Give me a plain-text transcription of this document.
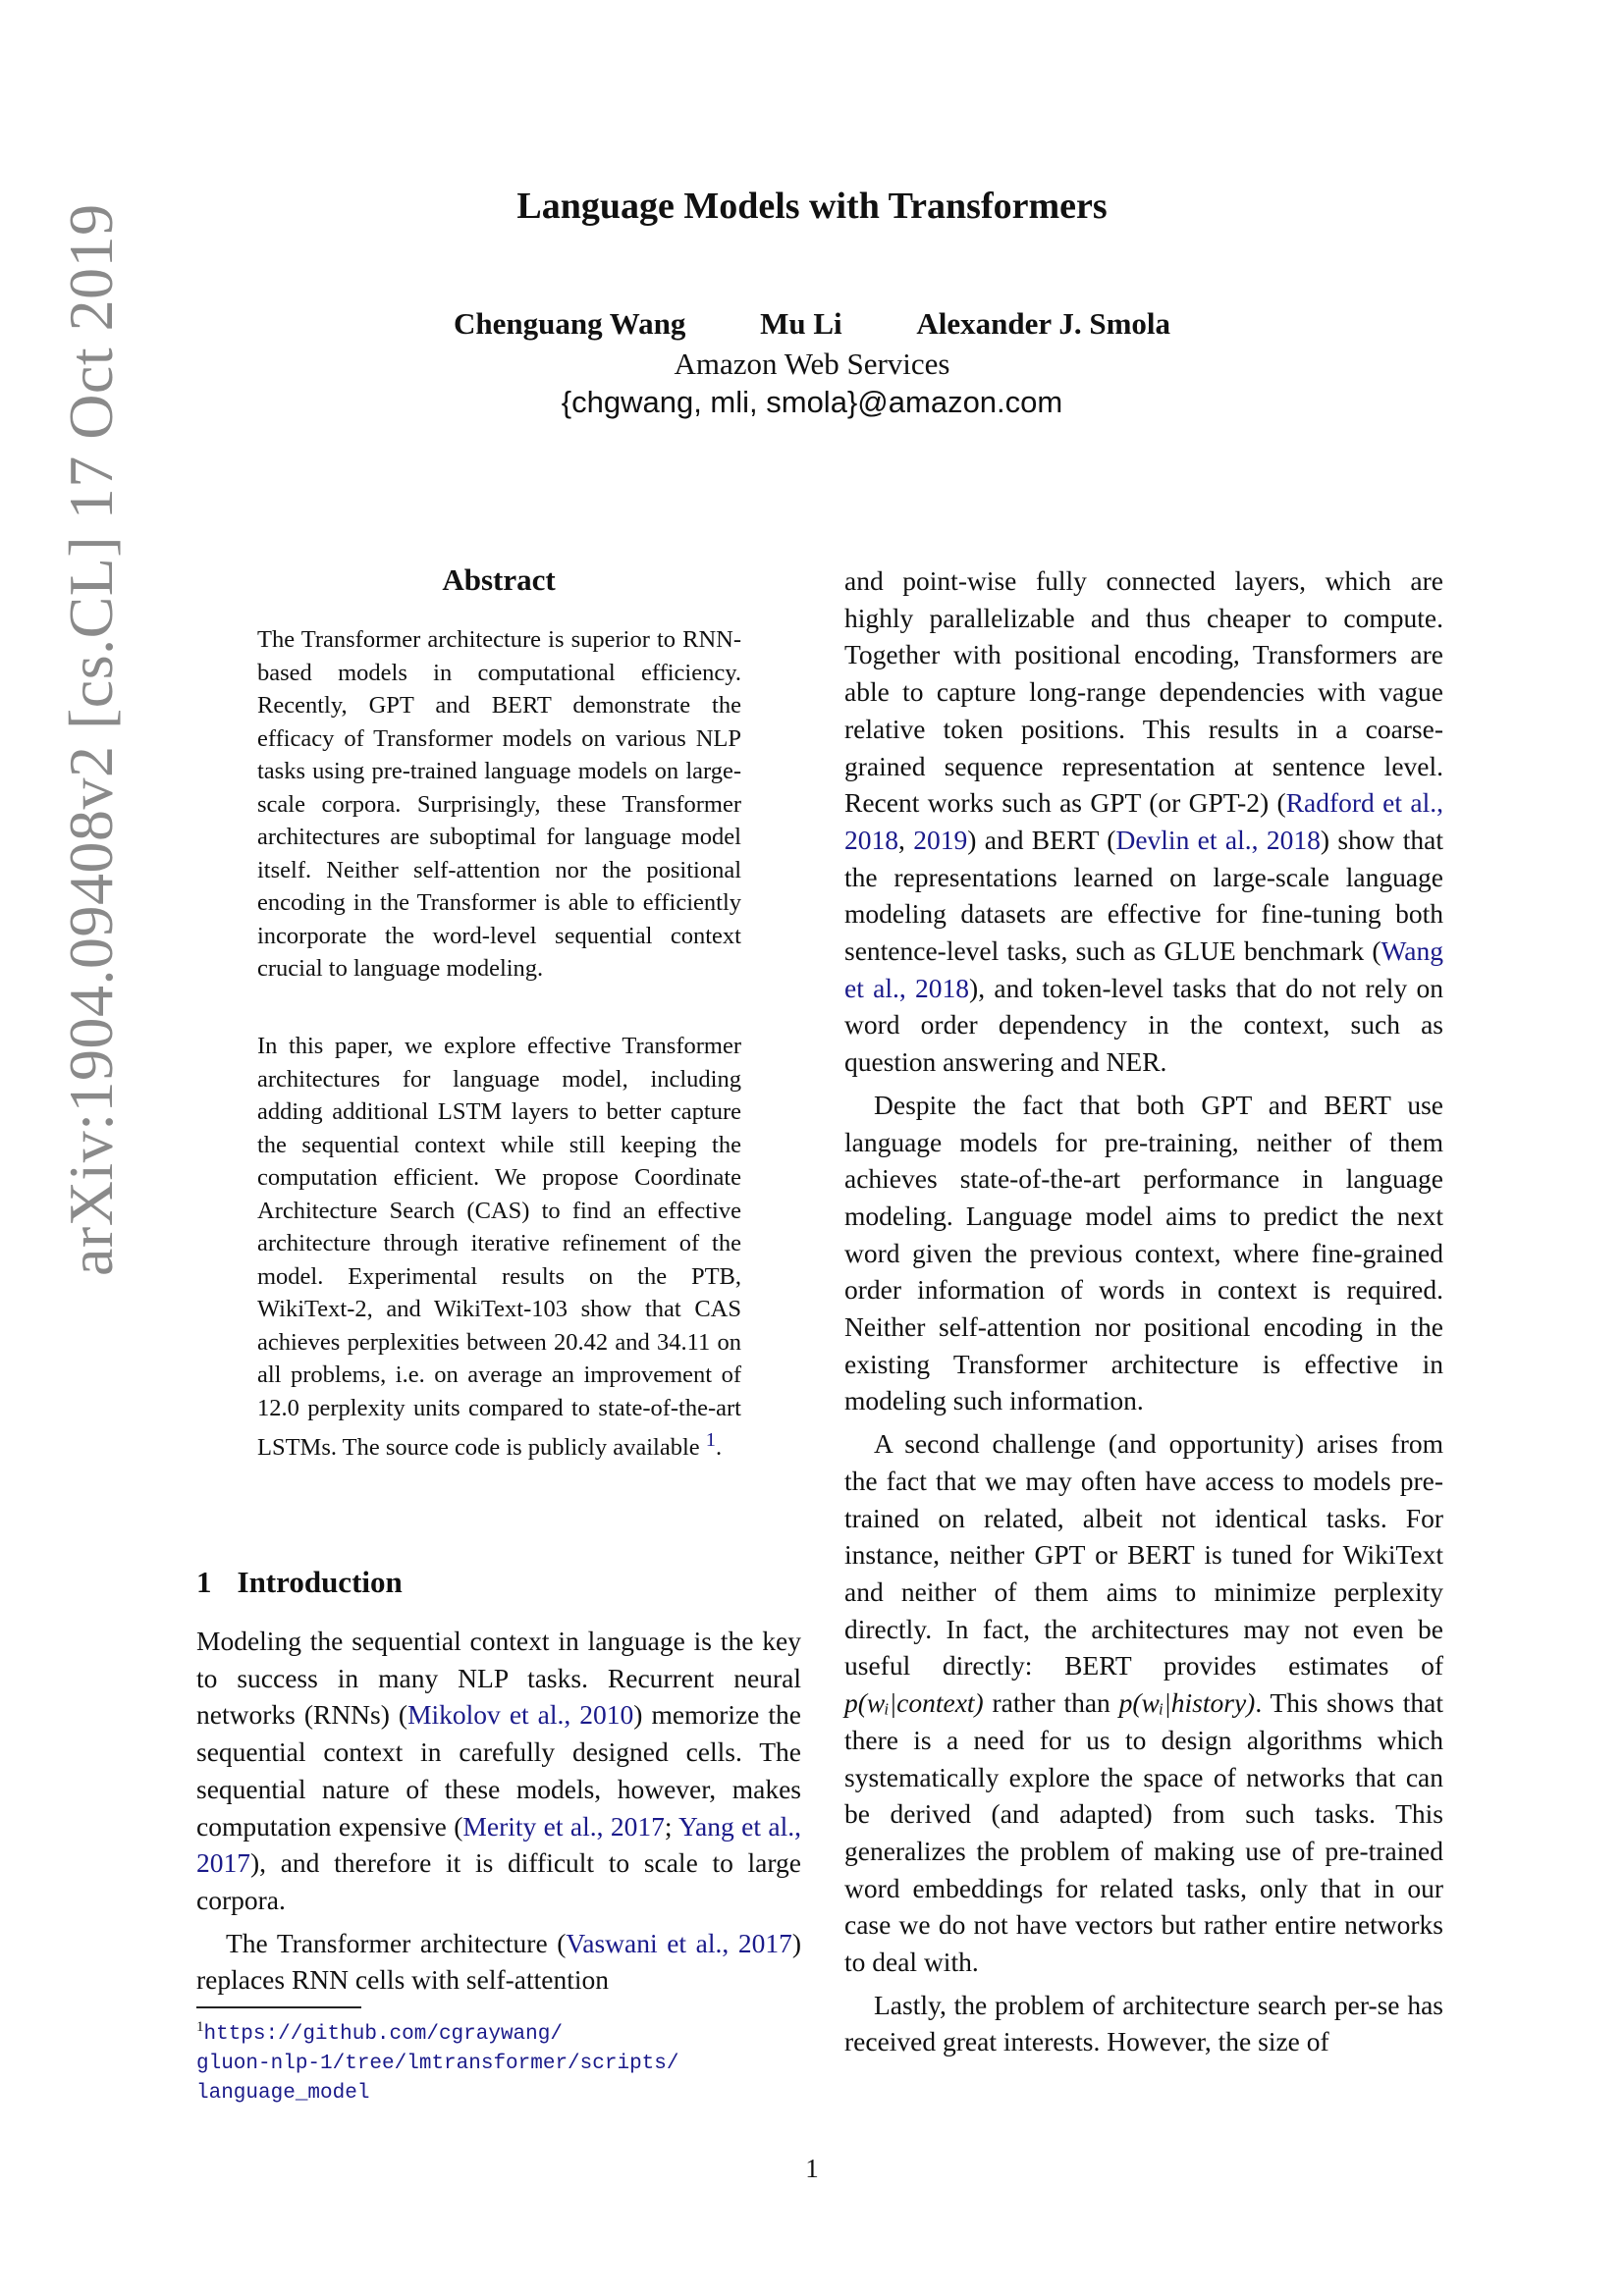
arXiv:1904.09408v2 [cs.CL] 17 Oct 2019	Language Models with Transformers
Chenguang Wang Mu Li Alexander J. Smola
Amazon Web Services
{chgwang, mli, smola}@amazon.com
Abstract
The Transformer architecture is superior to RNN-based models in computational efficiency. Recently, GPT and BERT demonstrate the efficacy of Transformer models on various NLP tasks using pre-trained language models on large-scale corpora. Surprisingly, these Transformer architectures are suboptimal for language model itself. Neither self-attention nor the positional encoding in the Transformer is able to efficiently incorporate the word-level sequential context crucial to language modeling.
In this paper, we explore effective Transformer architectures for language model, including adding additional LSTM layers to better capture the sequential context while still keeping the computation efficient. We propose Coordinate Architecture Search (CAS) to find an effective architecture through iterative refinement of the model. Experimental results on the PTB, WikiText-2, and WikiText-103 show that CAS achieves perplexities between 20.42 and 34.11 on all problems, i.e. on average an improvement of 12.0 perplexity units compared to state-of-the-art LSTMs. The source code is publicly available $^1$.
1 Introduction

Modeling the sequential context in language is the key to success in many NLP tasks. Recurrent neural networks (RNNs) (Mikolov et al., 2010) memorize the sequential context in carefully designed cells. The sequential nature of these models, however, makes computation expensive (Merity et al., 2017; Yang et al., 2017), and therefore it is difficult to scale to large corpora.

The Transformer architecture (Vaswani et al., 2017) replaces RNN cells with self-attention

and point-wise fully connected layers, which are highly parallelizable and thus cheaper to compute. Together with positional encoding, Transformers are able to capture long-range dependencies with vague relative token positions. This results in a coarse-grained sequence representation at sentence level. Recent works such as GPT (or GPT-2) (Radford et al., 2018, 2019) and BERT (Devlin et al., 2018) show that the representations learned on large-scale language modeling datasets are effective for fine-tuning both sentence-level tasks, such as GLUE benchmark (Wang et al., 2018), and token-level tasks that do not rely on word order dependency in the context, such as question answering and NER.

Despite the fact that both GPT and BERT use language models for pre-training, neither of them achieves state-of-the-art performance in language modeling. Language model aims to predict the next word given the previous context, where fine-grained order information of words in context is required. Neither self-attention nor positional encoding in the existing Transformer architecture is effective in modeling such information.

A second challenge (and opportunity) arises from the fact that we may often have access to models pre-trained on related, albeit not identical tasks. For instance, neither GPT or BERT is tuned for WikiText and neither of them aims to minimize perplexity directly. In fact, the architectures may not even be useful directly: BERT provides estimates of p(wᵢ|context) rather than p(wᵢ|history). This shows that there is a need for us to design algorithms which systematically explore the space of networks that can be derived (and adapted) from such tasks. This generalizes the problem of making use of pre-trained word embeddings for related tasks, only that in our case we do not have vectors but rather entire networks to deal with.

Lastly, the problem of architecture search per-se has received great interests. However, the size of

$^1$https://github.com/cgraywang/
gluon-nlp-1/tree/lmtransformer/scripts/
language_model
1
